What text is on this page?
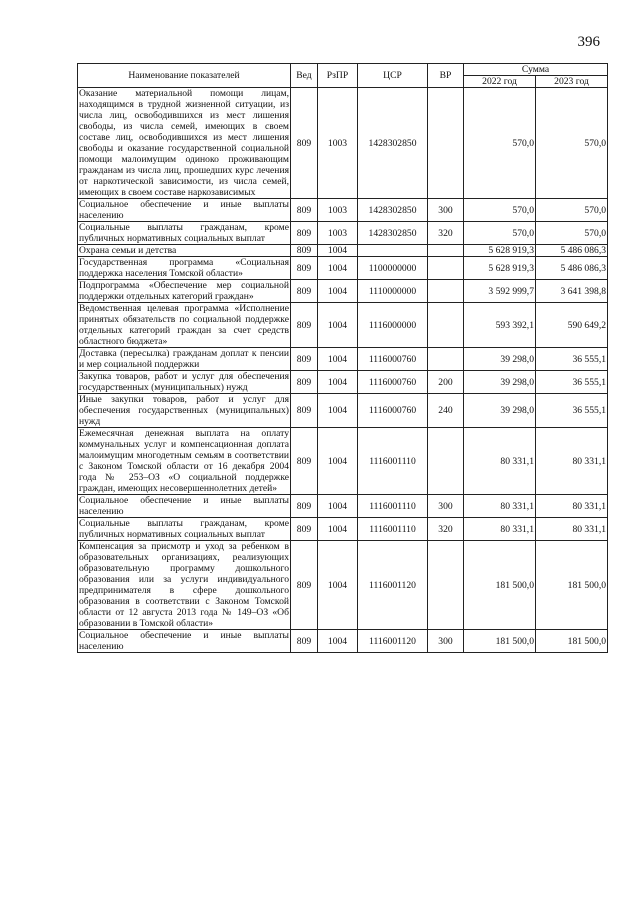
396
Наименование показателей	Вед	РзПР	ЦСР	ВР	Сумма	
					2022 год	2023 год
Оказание материальной помощи лицам, находящимся в трудной жизненной ситуации, из числа лиц, освободившихся из мест лишения свободы, из числа семей, имеющих в своем составе лиц, освободившихся из мест лишения свободы и оказание государственной социальной помощи малоимущим одиноко проживающим гражданам из числа лиц, прошедших курс лечения от наркотической зависимости, из числа семей, имеющих в своем составе наркозависимых	809	1003	1428302850		570,0	570,0
Социальное обеспечение и иные выплаты населению	809	1003	1428302850	300	570,0	570,0
Социальные выплаты гражданам, кроме публичных нормативных социальных выплат	809	1003	1428302850	320	570,0	570,0
Охрана семьи и детства	809	1004			5 628 919,3	5 486 086,3
Государственная программа «Социальная поддержка населения Томской области»	809	1004	1100000000		5 628 919,3	5 486 086,3
Подпрограмма «Обеспечение мер социальной поддержки отдельных категорий граждан»	809	1004	1110000000		3 592 999,7	3 641 398,8
Ведомственная целевая программа «Исполнение принятых обязательств по социальной поддержке отдельных категорий граждан за счет средств областного бюджета»	809	1004	1116000000		593 392,1	590 649,2
Доставка (пересылка) гражданам доплат к пенсии и мер социальной поддержки	809	1004	1116000760		39 298,0	36 555,1
Закупка товаров, работ и услуг для обеспечения государственных (муниципальных) нужд	809	1004	1116000760	200	39 298,0	36 555,1
Иные закупки товаров, работ и услуг для обеспечения государственных (муниципальных) нужд	809	1004	1116000760	240	39 298,0	36 555,1
Ежемесячная денежная выплата на оплату коммунальных услуг и компенсационная доплата малоимущим многодетным семьям в соответствии с Законом Томской области от 16 декабря 2004 года № 253–ОЗ «О социальной поддержке граждан, имеющих несовершеннолетних детей»	809	1004	1116001110		80 331,1	80 331,1
Социальное обеспечение и иные выплаты населению	809	1004	1116001110	300	80 331,1	80 331,1
Социальные выплаты гражданам, кроме публичных нормативных социальных выплат	809	1004	1116001110	320	80 331,1	80 331,1
Компенсация за присмотр и уход за ребенком в образовательных организациях, реализующих образовательную программу дошкольного образования или за услуги индивидуального предпринимателя в сфере дошкольного образования в соответствии с Законом Томской области от 12 августа 2013 года № 149–ОЗ «Об образовании в Томской области»	809	1004	1116001120		181 500,0	181 500,0
Социальное обеспечение и иные выплаты населению	809	1004	1116001120	300	181 500,0	181 500,0
